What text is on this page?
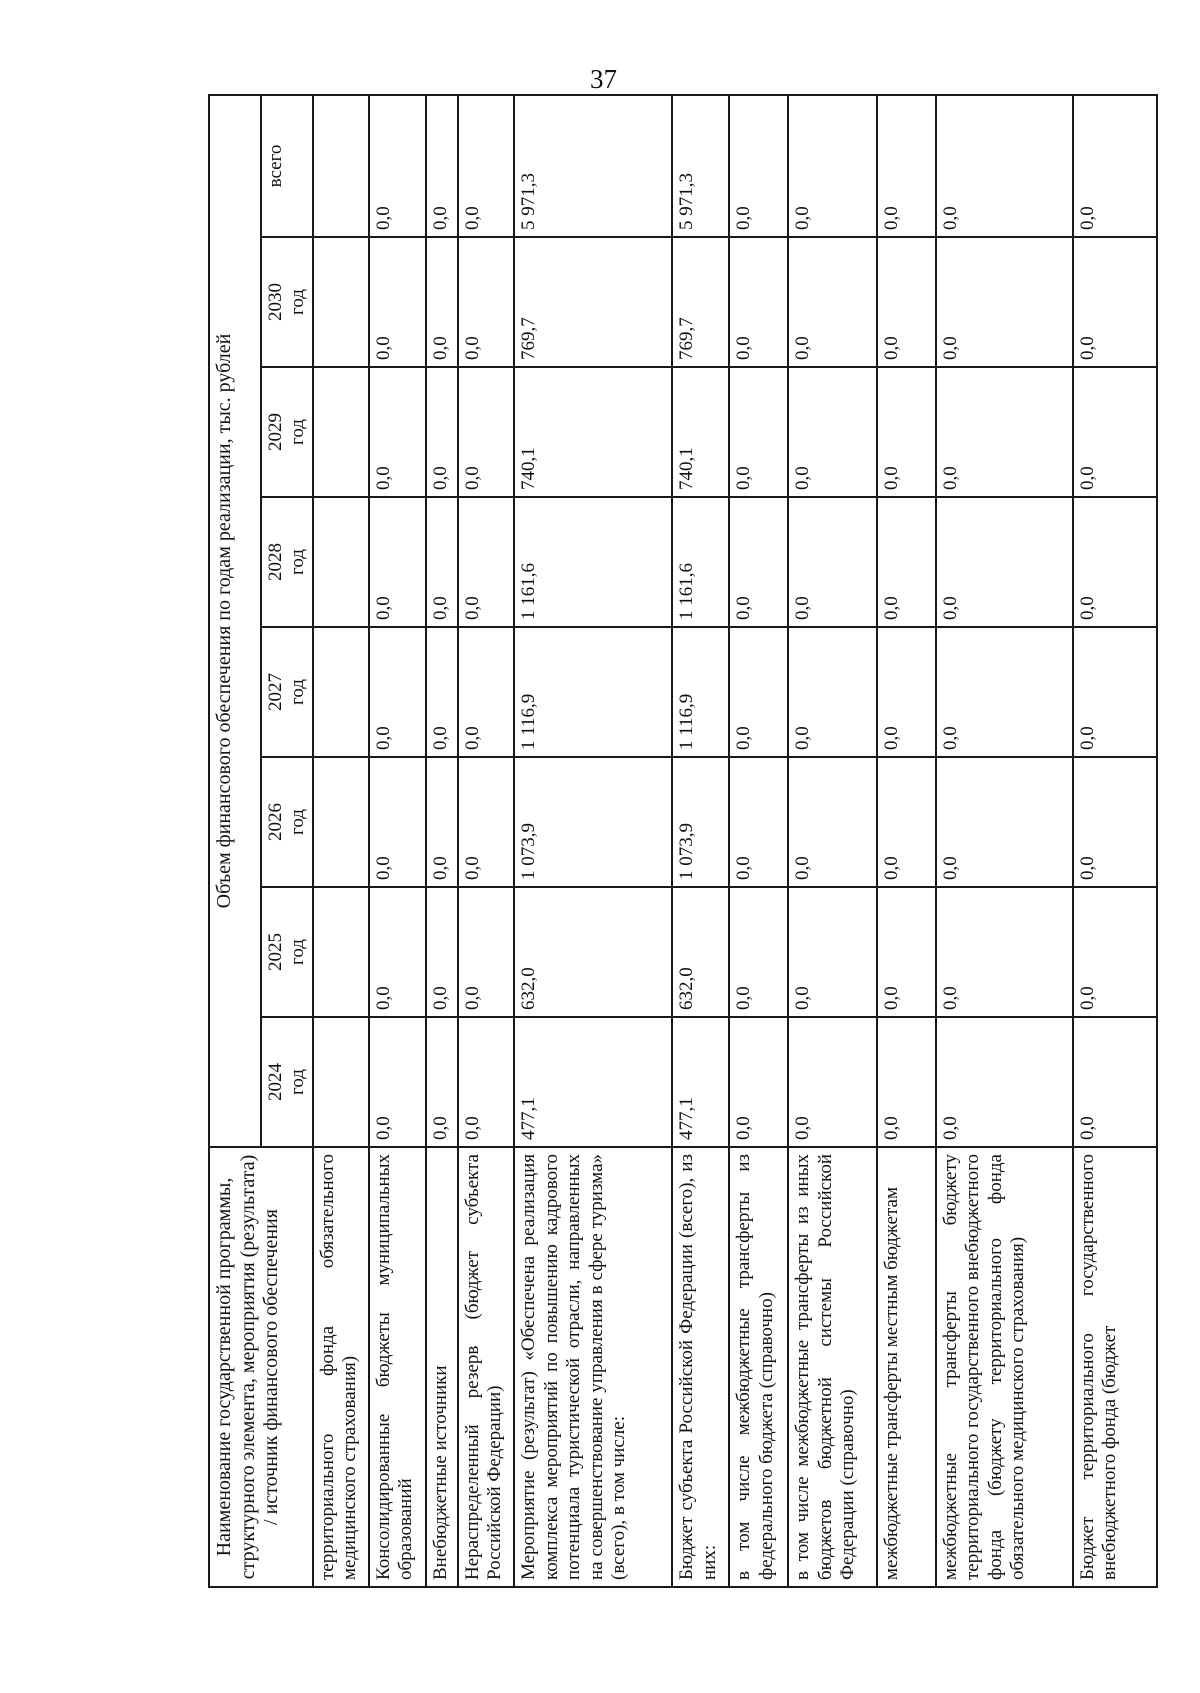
37
Наименование государственной программы, структурного элемента, мероприятия (результата) / источник финансового обеспечения	Объем финансового обеспечения по годам реализации, тыс. рублей							

	2024 год	2025 год	2026 год	2027 год	2028 год	2029 год	2030 год	всего
территориального фонда обязательного медицинского страхования)								
Консолидированные бюджеты муниципальных образований	0,0	0,0	0,0	0,0	0,0	0,0	0,0	0,0
Внебюджетные источники	0,0	0,0	0,0	0,0	0,0	0,0	0,0	0,0
Нераспределенный резерв (бюджет субъекта Российской Федерации)	0,0	0,0	0,0	0,0	0,0	0,0	0,0	0,0
Мероприятие (результат) «Обеспечена реализация комплекса мероприятий по повышению кадрового потенциала туристической отрасли, направленных на совершенствование управления в сфере туризма» (всего), в том числе:	477,1	632,0	1 073,9	1 116,9	1 161,6	740,1	769,7	5 971,3
Бюджет субъекта Российской Федерации (всего), из них:	477,1	632,0	1 073,9	1 116,9	1 161,6	740,1	769,7	5 971,3
в том числе межбюджетные трансферты из федерального бюджета (справочно)	0,0	0,0	0,0	0,0	0,0	0,0	0,0	0,0
в том числе межбюджетные трансферты из иных бюджетов бюджетной системы Российской Федерации (справочно)	0,0	0,0	0,0	0,0	0,0	0,0	0,0	0,0
межбюджетные трансферты местным бюджетам	0,0	0,0	0,0	0,0	0,0	0,0	0,0	0,0
межбюджетные трансферты бюджету территориального государственного внебюджетного фонда (бюджету территориального фонда обязательного медицинского страхования)	0,0	0,0	0,0	0,0	0,0	0,0	0,0	0,0
Бюджет территориального государственного внебюджетного фонда (бюджет	0,0	0,0	0,0	0,0	0,0	0,0	0,0	0,0
